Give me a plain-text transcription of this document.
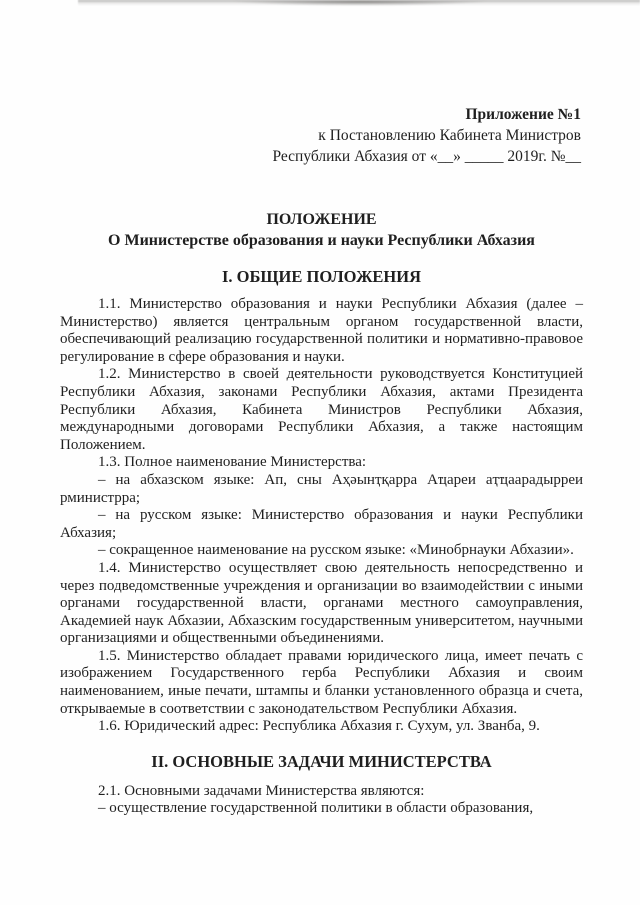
Приложение №1
к Постановлению Кабинета Министров
Республики Абхазия от «__» _____ 2019г. №__
ПОЛОЖЕНИЕ
О Министерстве образования и науки Республики Абхазия
I. ОБЩИЕ ПОЛОЖЕНИЯ

1.1. Министерство образования и науки Республики Абхазия (далее – Министерство) является центральным органом государственной власти, обеспечивающий реализацию государственной политики и нормативно-правовое регулирование в сфере образования и науки.

1.2. Министерство в своей деятельности руководствуется Конституцией Республики Абхазия, законами Республики Абхазия, актами Президента Республики Абхазия, Кабинета Министров Республики Абхазия, международными договорами Республики Абхазия, а также настоящим Положением.

1.3. Полное наименование Министерства:

– на абхазском языке: Ап, сны Аҳәынҭқарра Аҵареи аҭҵаарадырреи рминистрра;

– на русском языке: Министерство образования и науки Республики Абхазия;

– сокращенное наименование на русском языке: «Минобрнауки Абхазии».

1.4. Министерство осуществляет свою деятельность непосредственно и через подведомственные учреждения и организации во взаимодействии с иными органами государственной власти, органами местного самоуправления, Академией наук Абхазии, Абхазским государственным университетом, научными организациями и общественными объединениями.

1.5. Министерство обладает правами юридического лица, имеет печать с изображением Государственного герба Республики Абхазия и своим наименованием, иные печати, штампы и бланки установленного образца и счета, открываемые в соответствии с законодательством Республики Абхазия.

1.6. Юридический адрес: Республика Абхазия г. Сухум, ул. Званба, 9.

II. ОСНОВНЫЕ ЗАДАЧИ МИНИСТЕРСТВА

2.1. Основными задачами Министерства являются:

– осуществление государственной политики в области образования,
